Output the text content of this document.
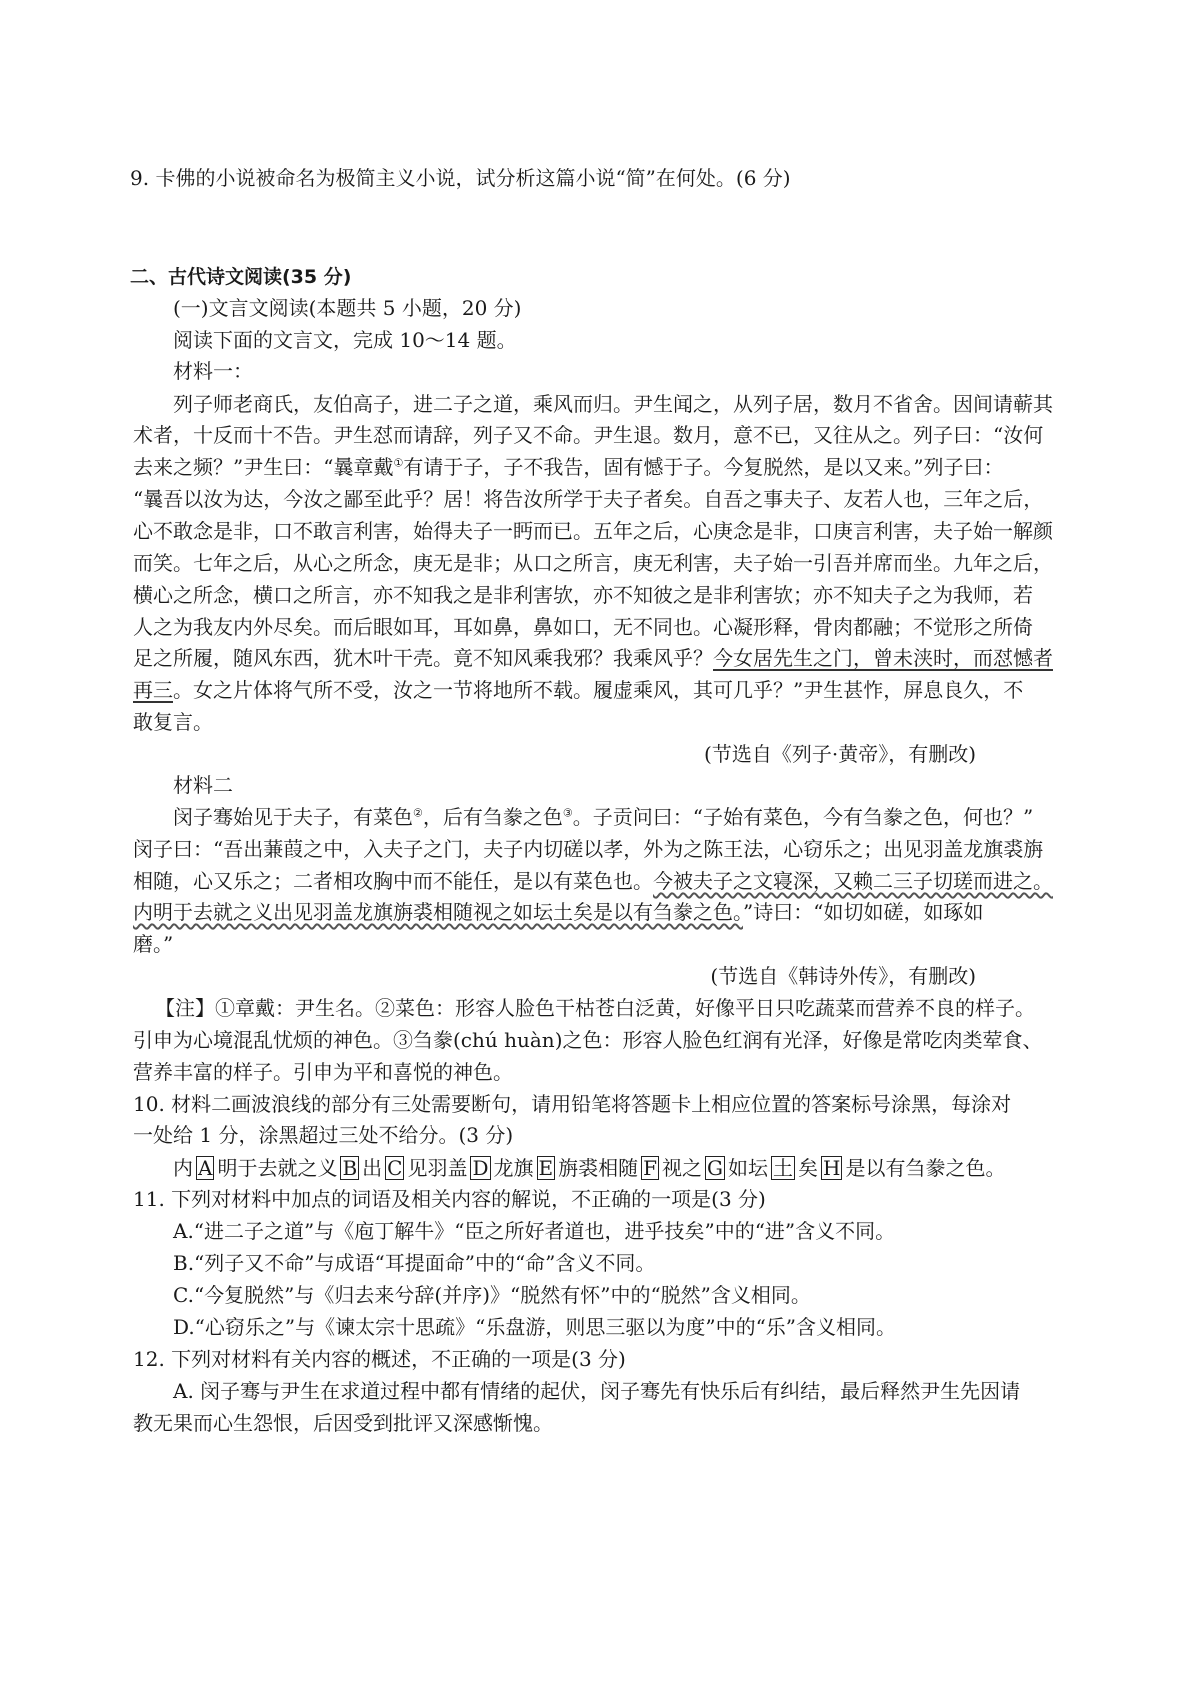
9. 卡佛的小说被命名为极简主义小说，试分析这篇小说“简”在何处。(6 分)
二、古代诗文阅读(35 分)
(一)文言文阅读(本题共 5 小题，20 分)
阅读下面的文言文，完成 10～14 题。
材料一：
列子师老商氏，友伯高子，进二子之道，乘风而归。尹生闻之，从列子居，数月不省舍。因间请蕲其
术者，十反而十不告。尹生怼而请辞，列子又不命。尹生退。数月，意不已，又往从之。列子曰：“汝何
去来之频？”尹生曰：“曩章戴①有请于子，子不我告，固有憾于子。今复脱然，是以又来。”列子曰：
“曩吾以汝为达，今汝之鄙至此乎？居！将告汝所学于夫子者矣。自吾之事夫子、友若人也，三年之后，
心不敢念是非，口不敢言利害，始得夫子一眄而已。五年之后，心庚念是非，口庚言利害，夫子始一解颜
而笑。七年之后，从心之所念，庚无是非；从口之所言，庚无利害，夫子始一引吾并席而坐。九年之后，
横心之所念，横口之所言，亦不知我之是非利害欤，亦不知彼之是非利害欤；亦不知夫子之为我师，若
人之为我友内外尽矣。而后眼如耳，耳如鼻，鼻如口，无不同也。心凝形释，骨肉都融；不觉形之所倚
足之所履，随风东西，犹木叶干壳。竟不知风乘我邪？我乘风乎？今女居先生之门，曾未浃时，而怼憾者
再三。女之片体将气所不受，汝之一节将地所不载。履虚乘风，其可几乎？”尹生甚怍，屏息良久，不
敢复言。
(节选自《列子·黄帝》，有删改)
材料二
闵子骞始见于夫子，有菜色②，后有刍豢之色③。子贡问曰：“子始有菜色，今有刍豢之色，何也？”
闵子曰：“吾出蒹葭之中，入夫子之门，夫子内切磋以孝，外为之陈王法，心窃乐之；出见羽盖龙旗裘旃
相随，心又乐之；二者相攻胸中而不能任，是以有菜色也。今被夫子之文寝深，又赖二三子切瑳而进之。
内明于去就之义出见羽盖龙旗旃裘相随视之如坛土矣是以有刍豢之色。”诗曰：“如切如磋，如琢如
磨。”
(节选自《韩诗外传》，有删改)
【注】①章戴：尹生名。②菜色：形容人脸色干枯苍白泛黄，好像平日只吃蔬菜而营养不良的样子。
引申为心境混乱忧烦的神色。③刍豢(chú huàn)之色：形容人脸色红润有光泽，好像是常吃肉类荤食、
营养丰富的样子。引申为平和喜悦的神色。
10. 材料二画波浪线的部分有三处需要断句，请用铅笔将答题卡上相应位置的答案标号涂黑，每涂对
一处给 1 分，涂黑超过三处不给分。(3 分)
内 A 明于去就之义 B 出 C 见羽盖 D 龙旗 E 旃裘相随 F 视之 G 如坛 土 矣 H 是以有刍豢之色。
11. 下列对材料中加点的词语及相关内容的解说，不正确的一项是(3 分)
A.“进二子之道”与《庖丁解牛》“臣之所好者道也，进乎技矣”中的“进”含义不同。
B.“列子又不命”与成语“耳提面命”中的“命”含义不同。
C.“今复脱然”与《归去来兮辞(并序)》“脱然有怀”中的“脱然”含义相同。
D.“心窃乐之”与《谏太宗十思疏》“乐盘游，则思三驱以为度”中的“乐”含义相同。
12. 下列对材料有关内容的概述，不正确的一项是(3 分)
A. 闵子骞与尹生在求道过程中都有情绪的起伏，闵子骞先有快乐后有纠结，最后释然尹生先因请
教无果而心生怨恨，后因受到批评又深感惭愧。
